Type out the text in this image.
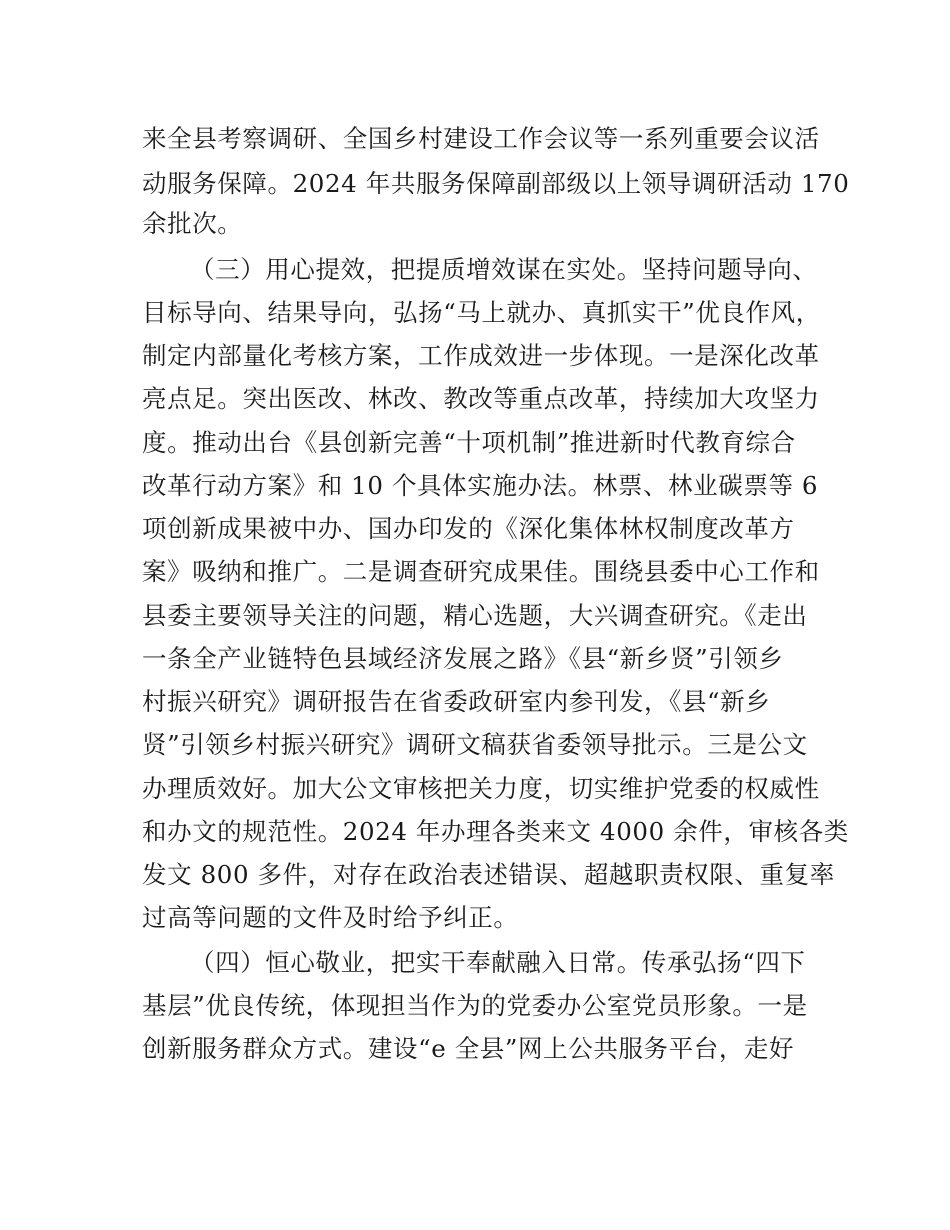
来全县考察调研、全国乡村建设工作会议等一系列重要会议活
动服务保障。2024 年共服务保障副部级以上领导调研活动 170
余批次。
（三）用心提效，把提质增效谋在实处。坚持问题导向、
目标导向、结果导向，弘扬“马上就办、真抓实干”优良作风，
制定内部量化考核方案，工作成效进一步体现。一是深化改革
亮点足。突出医改、林改、教改等重点改革，持续加大攻坚力
度。推动出台《县创新完善“十项机制”推进新时代教育综合
改革行动方案》和 10 个具体实施办法。林票、林业碳票等 6
项创新成果被中办、国办印发的《深化集体林权制度改革方
案》吸纳和推广。二是调查研究成果佳。围绕县委中心工作和
县委主要领导关注的问题，精心选题，大兴调查研究。《走出
一条全产业链特色县域经济发展之路》《县“新乡贤”引领乡
村振兴研究》调研报告在省委政研室内参刊发，《县“新乡
贤”引领乡村振兴研究》调研文稿获省委领导批示。三是公文
办理质效好。加大公文审核把关力度，切实维护党委的权威性
和办文的规范性。2024 年办理各类来文 4000 余件，审核各类
发文 800 多件，对存在政治表述错误、超越职责权限、重复率
过高等问题的文件及时给予纠正。
（四）恒心敬业，把实干奉献融入日常。传承弘扬“四下
基层”优良传统，体现担当作为的党委办公室党员形象。一是
创新服务群众方式。建设“e 全县”网上公共服务平台，走好
